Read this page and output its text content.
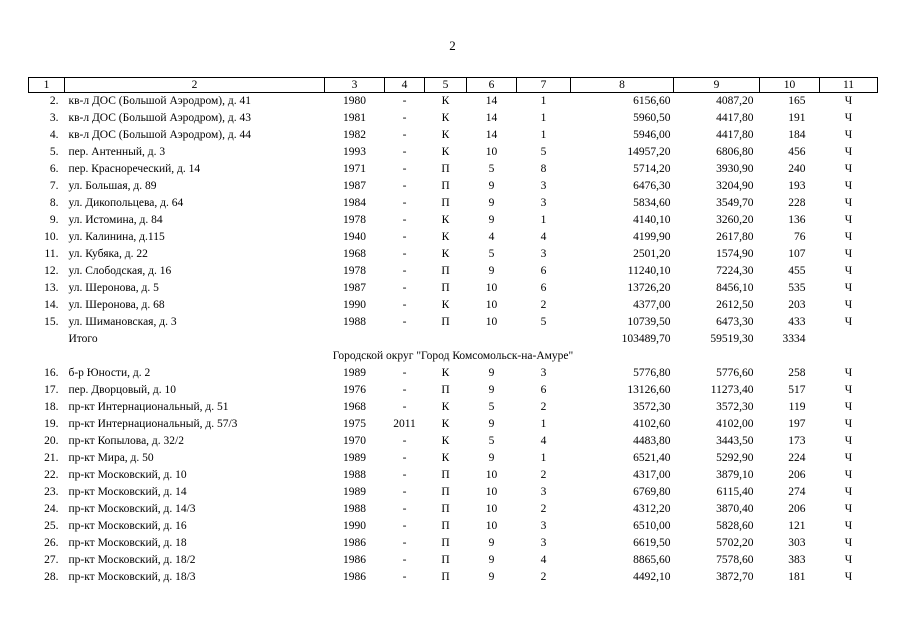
2
1	2	3	4	5	6	7	8	9	10	11
2.	кв-л ДОС (Большой Аэродром), д. 41	1980	-	К	14	1	6156,60	4087,20	165	Ч
3.	кв-л ДОС (Большой Аэродром), д. 43	1981	-	К	14	1	5960,50	4417,80	191	Ч
4.	кв-л ДОС (Большой Аэродром), д. 44	1982	-	К	14	1	5946,00	4417,80	184	Ч
5.	пер. Антенный, д. 3	1993	-	К	10	5	14957,20	6806,80	456	Ч
6.	пер. Красноречеcкий, д. 14	1971	-	П	5	8	5714,20	3930,90	240	Ч
7.	ул. Большая, д. 89	1987	-	П	9	3	6476,30	3204,90	193	Ч
8.	ул. Дикопольцева, д. 64	1984	-	П	9	3	5834,60	3549,70	228	Ч
9.	ул. Истомина, д. 84	1978	-	К	9	1	4140,10	3260,20	136	Ч
10.	ул. Калинина, д.115	1940	-	К	4	4	4199,90	2617,80	76	Ч
11.	ул. Кубяка, д. 22	1968	-	К	5	3	2501,20	1574,90	107	Ч
12.	ул. Слободская, д. 16	1978	-	П	9	6	11240,10	7224,30	455	Ч
13.	ул. Шеронова, д. 5	1987	-	П	10	6	13726,20	8456,10	535	Ч
14.	ул. Шеронова, д. 68	1990	-	К	10	2	4377,00	2612,50	203	Ч
15.	ул. Шимановская, д. 3	1988	-	П	10	5	10739,50	6473,30	433	Ч
	Итого						103489,70	59519,30	3334	
Городской округ "Город Комсомольск-на-Амуре"										
16.	б-р Юности, д. 2	1989	-	К	9	3	5776,80	5776,60	258	Ч
17.	пер. Дворцовый, д. 10	1976	-	П	9	6	13126,60	11273,40	517	Ч
18.	пр-кт Интернациональный, д. 51	1968	-	К	5	2	3572,30	3572,30	119	Ч
19.	пр-кт Интернациональный, д. 57/3	1975	2011	К	9	1	4102,60	4102,00	197	Ч
20.	пр-кт Копылова, д. 32/2	1970	-	К	5	4	4483,80	3443,50	173	Ч
21.	пр-кт Мира, д. 50	1989	-	К	9	1	6521,40	5292,90	224	Ч
22.	пр-кт Московский, д. 10	1988	-	П	10	2	4317,00	3879,10	206	Ч
23.	пр-кт Московский, д. 14	1989	-	П	10	3	6769,80	6115,40	274	Ч
24.	пр-кт Московский, д. 14/3	1988	-	П	10	2	4312,20	3870,40	206	Ч
25.	пр-кт Московский, д. 16	1990	-	П	10	3	6510,00	5828,60	121	Ч
26.	пр-кт Московский, д. 18	1986	-	П	9	3	6619,50	5702,20	303	Ч
27.	пр-кт Московский, д. 18/2	1986	-	П	9	4	8865,60	7578,60	383	Ч
28.	пр-кт Московский, д. 18/3	1986	-	П	9	2	4492,10	3872,70	181	Ч
